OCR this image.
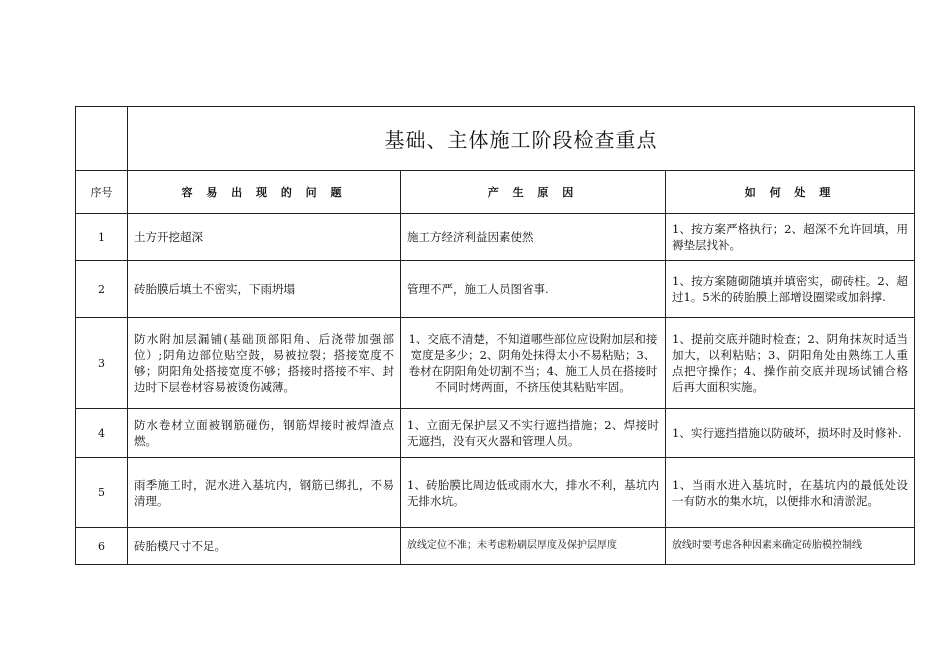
	基础、主体施工阶段检查重点		
序号	容 易 出 现 的 问 题	产 生 原 因	如 何 处 理
1	土方开挖超深	施工方经济利益因素使然	1、按方案严格执行；2、超深不允许回填，用褥垫层找补。
2	砖胎膜后填土不密实，下雨坍塌	管理不严，施工人员图省事.	1、按方案随砌随填并填密实，砌砖柱。2、超过1。5米的砖胎膜上部增设圈梁或加斜撑.
3	防水附加层漏铺(基础顶部阳角、后浇带加强部位）;阴角边部位贴空鼓，易被拉裂；搭接宽度不够；阴阳角处搭接宽度不够；搭接时搭接不牢、封边时下层卷材容易被烫伤减薄。	1、交底不清楚，不知道哪些部位应设附加层和接宽度是多少；2、阴角处抹得太小不易粘贴；3、卷材在阴阳角处切割不当；4、施工人员在搭接时不同时烤两面，不挤压使其粘贴牢固。	1、提前交底并随时检查；2、阴角抹灰时适当加大，以利粘贴；3、阴阳角处由熟练工人重点把守操作；4、操作前交底并现场试铺合格后再大面积实施。
4	防水卷材立面被钢筋碰伤，钢筋焊接时被焊渣点燃。	1、立面无保护层又不实行遮挡措施；2、焊接时无遮挡，没有灭火器和管理人员。	1、实行遮挡措施以防破坏，损坏时及时修补.
5	雨季施工时，泥水进入基坑内，钢筋已绑扎，不易清理。	1、砖胎膜比周边低或雨水大，排水不利，基坑内无排水坑。	1、当雨水进入基坑时，在基坑内的最低处设一有防水的集水坑，以便排水和清淤泥。
6	砖胎模尺寸不足。	放线定位不准；未考虑粉刷层厚度及保护层厚度	放线时要考虑各种因素来确定砖胎模控制线
